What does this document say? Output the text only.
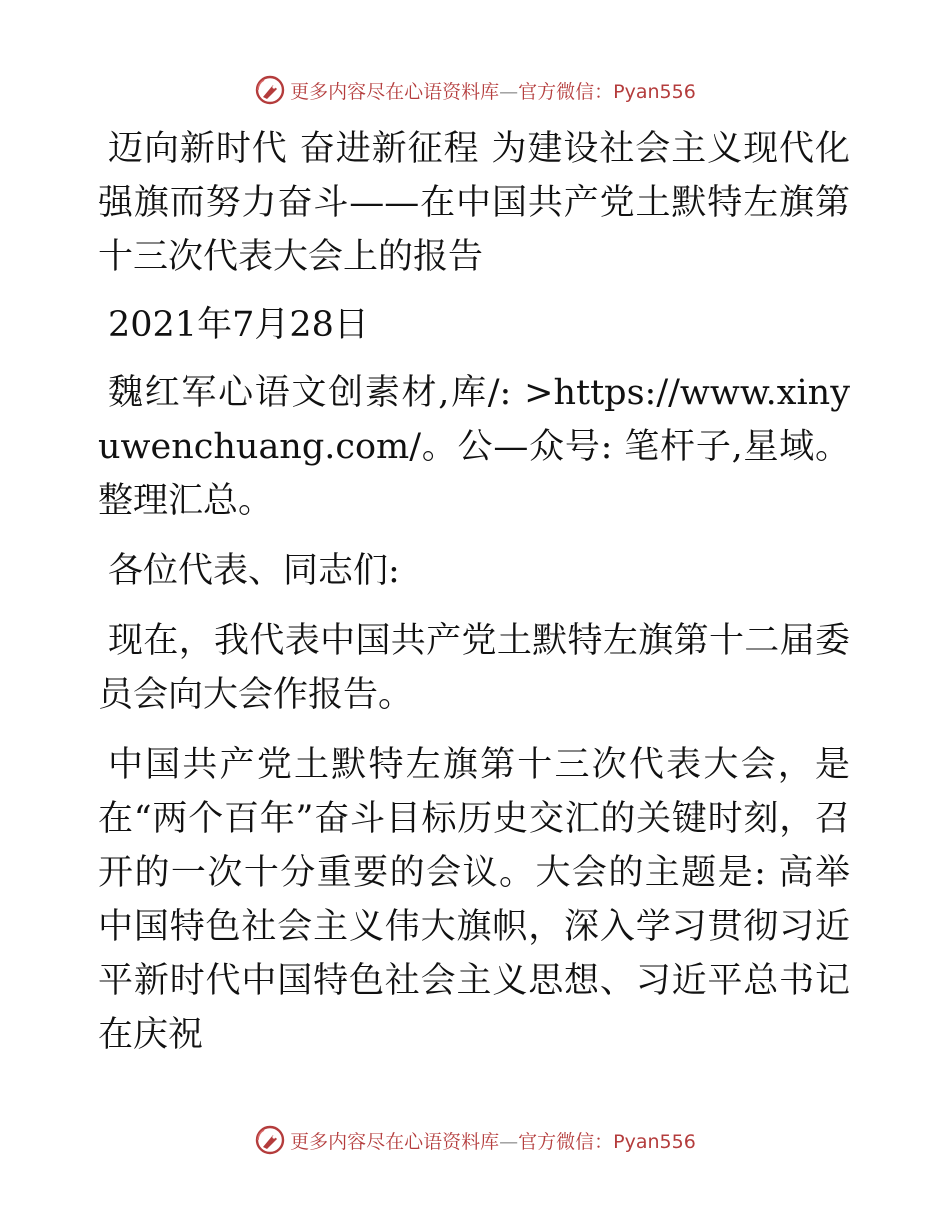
更多内容尽在心语资料库—官方微信：Pyan556

迈向新时代 奋进新征程 为建设社会主义现代化强旗而努力奋斗——在中国共产党土默特左旗第十三次代表大会上的报告

2021年7月28日

魏红军心语文创素材,库/: >https://www.xinyuwenchuang.com/。公—众号: 笔杆子,星域。整理汇总。

各位代表、同志们:

现在，我代表中国共产党土默特左旗第十二届委员会向大会作报告。

中国共产党土默特左旗第十三次代表大会，是在“两个百年”奋斗目标历史交汇的关键时刻，召开的一次十分重要的会议。大会的主题是: 高举中国特色社会主义伟大旗帜，深入学习贯彻习近平新时代中国特色社会主义思想、习近平总书记在庆祝

更多内容尽在心语资料库—官方微信：Pyan556
